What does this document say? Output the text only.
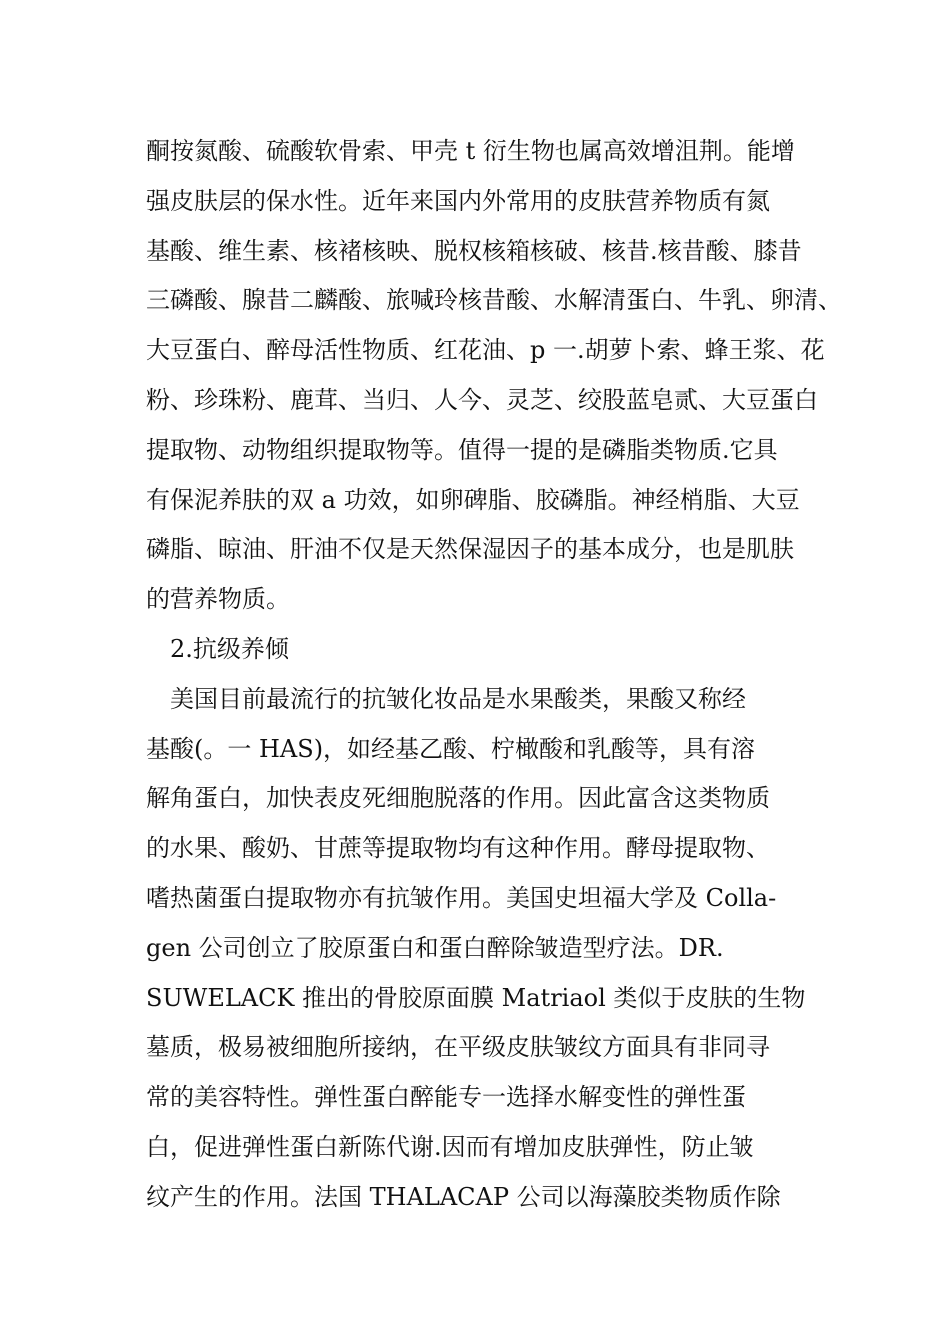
酮按氮酸、硫酸软骨索、甲壳 t 衍生物也属高效增沮荆。能增
强皮肤层的保水性。近年来国内外常用的皮肤营养物质有氮
基酸、维生素、核褚核映、脱权核箱核破、核昔.核昔酸、膝昔
三磷酸、腺昔二麟酸、旅喊玲核昔酸、水解清蛋白、牛乳、卵清、
大豆蛋白、醉母活性物质、红花油、p 一.胡萝卜索、蜂王浆、花
粉、珍珠粉、鹿茸、当归、人今、灵芝、绞股蓝皂贰、大豆蛋白
提取物、动物组织提取物等。值得一提的是磷脂类物质.它具
有保泥养肤的双 a 功效，如卵碑脂、胶磷脂。神经梢脂、大豆
磷脂、晾油、肝油不仅是天然保湿因子的基本成分，也是肌肤
的营养物质。
2.抗级养倾
美国目前最流行的抗皱化妆品是水果酸类，果酸又称经
基酸(。一 HAS)，如经基乙酸、柠橄酸和乳酸等，具有溶
解角蛋白，加快表皮死细胞脱落的作用。因此富含这类物质
的水果、酸奶、甘蔗等提取物均有这种作用。酵母提取物、
嗜热菌蛋白提取物亦有抗皱作用。美国史坦福大学及 Colla-
gen 公司创立了胶原蛋白和蛋白醉除皱造型疗法。DR.
SUWELACK 推出的骨胶原面膜 Matriaol 类似于皮肤的生物
墓质，极易被细胞所接纳，在平级皮肤皱纹方面具有非同寻
常的美容特性。弹性蛋白醉能专一选择水解变性的弹性蛋
白，促进弹性蛋白新陈代谢.因而有增加皮肤弹性，防止皱
纹产生的作用。法国 THALACAP 公司以海藻胶类物质作除
